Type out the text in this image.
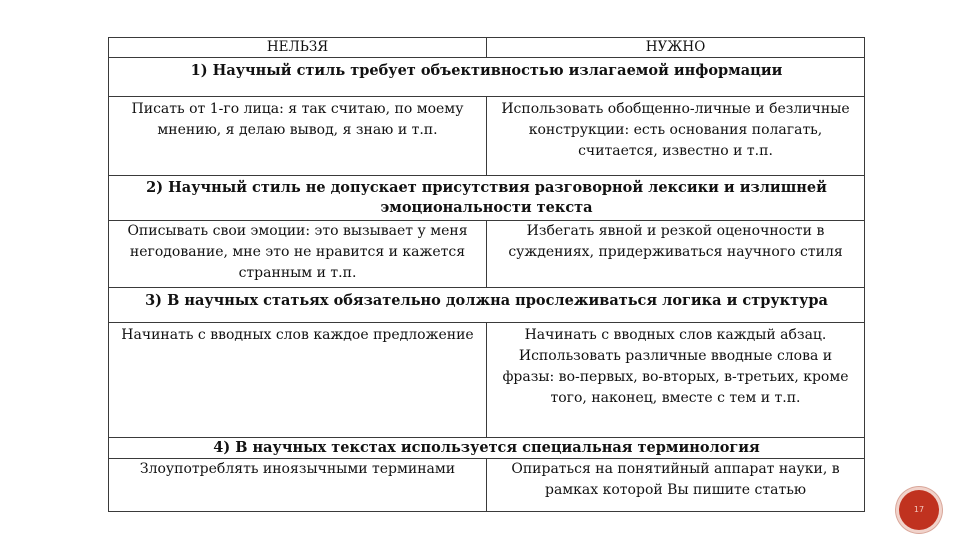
НЕЛЬЗЯ	НУЖНО
1) Научный стиль требует объективностью излагаемой информации	
Писать от 1-го лица: я так считаю, по моему мнению, я делаю вывод, я знаю и т.п.	Использовать обобщенно-личные и безличные конструкции: есть основания полагать, считается, известно и т.п.
2) Научный стиль не допускает присутствия разговорной лексики и излишней эмоциональности текста	
Описывать свои эмоции: это вызывает у меня негодование, мне это не нравится и кажется странным и т.п.	Избегать явной и резкой оценочности в суждениях, придерживаться научного стиля
3) В научных статьях обязательно должна прослеживаться логика и структура	
Начинать с вводных слов каждое предложение	Начинать с вводных слов каждый абзац. Использовать различные вводные слова и фразы: во-первых, во-вторых, в-третьих, кроме того, наконец, вместе с тем и т.п.
4) В научных текстах используется специальная терминология	
Злоупотреблять иноязычными терминами	Опираться на понятийный аппарат науки, в рамках которой Вы пишите статью
17
